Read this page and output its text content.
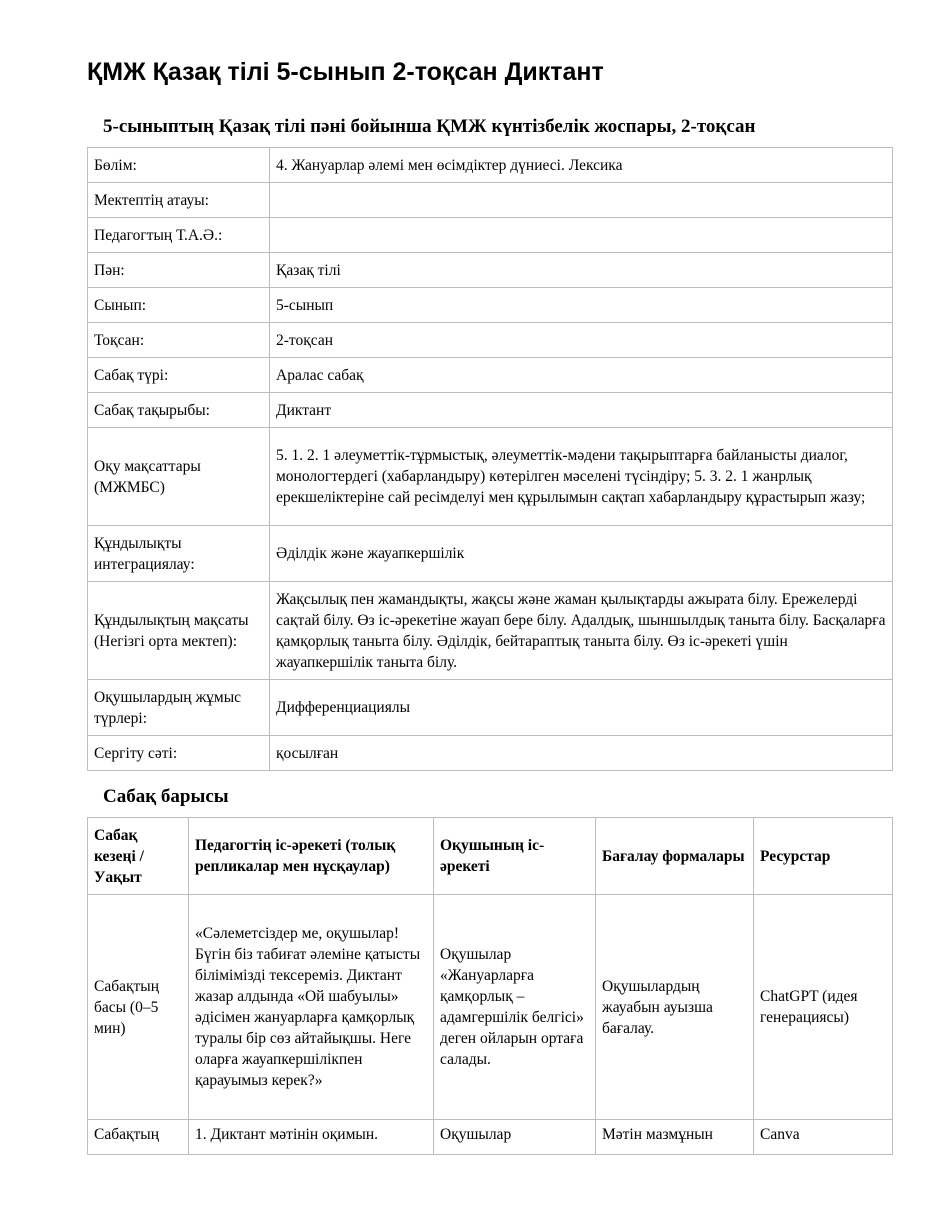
ҚМЖ Қазақ тілі 5-сынып 2-тоқсан Диктант
5-сыныптың Қазақ тілі пәні бойынша ҚМЖ күнтізбелік жоспары, 2-тоқсан
Бөлім:	4. Жануарлар әлемі мен өсімдіктер дүниесі. Лексика
Мектептің атауы:	
Педагогтың Т.А.Ә.:	
Пән:	Қазақ тілі
Сынып:	5-сынып
Тоқсан:	2-тоқсан
Сабақ түрі:	Аралас сабақ
Сабақ тақырыбы:	Диктант
Оқу мақсаттары (МЖМБС)	5. 1. 2. 1 әлеуметтік-тұрмыстық, әлеуметтік-мәдени тақырыптарға байланысты диалог, монологтердегі (хабарландыру) көтерілген мәселені түсіндіру; 5. 3. 2. 1 жанрлық ерекшеліктеріне сай ресімделуі мен құрылымын сақтап хабарландыру құрастырып жазу;
Құндылықты интеграциялау:	Әділдік және жауапкершілік
Құндылықтың мақсаты (Негізгі орта мектеп):	Жақсылық пен жамандықты, жақсы және жаман қылықтарды ажырата білу. Ережелерді сақтай білу. Өз іс-әрекетіне жауап бере білу. Адалдық, шыншылдық таныта білу. Басқаларға қамқорлық таныта білу. Әділдік, бейтараптық таныта білу. Өз іс-әрекеті үшін жауапкершілік таныта білу.
Оқушылардың жұмыс түрлері:	Дифференциациялы
Сергіту сәті:	қосылған
Сабақ барысы
Сабақ кезеңі / Уақыт	Педагогтің іс-әрекеті (толық репликалар мен нұсқаулар)	Оқушының іс-әрекеті	Бағалау формалары	Ресурстар
Сабақтың басы (0–5 мин)	«Сәлеметсіздер ме, оқушылар! Бүгін біз табиғат әлеміне қатысты білімімізді тексереміз. Диктант жазар алдында «Ой шабуылы» әдісімен жануарларға қамқорлық туралы бір сөз айтайықшы. Неге оларға жауапкершілікпен қарауымыз керек?»	Оқушылар «Жануарларға қамқорлық – адамгершілік белгісі» деген ойларын ортаға салады.	Оқушылардың жауабын ауызша бағалау.	ChatGPT (идея генерациясы)
Сабақтың	1. Диктант мәтінін оқимын.	Оқушылар	Мәтін мазмұнын	Canva
